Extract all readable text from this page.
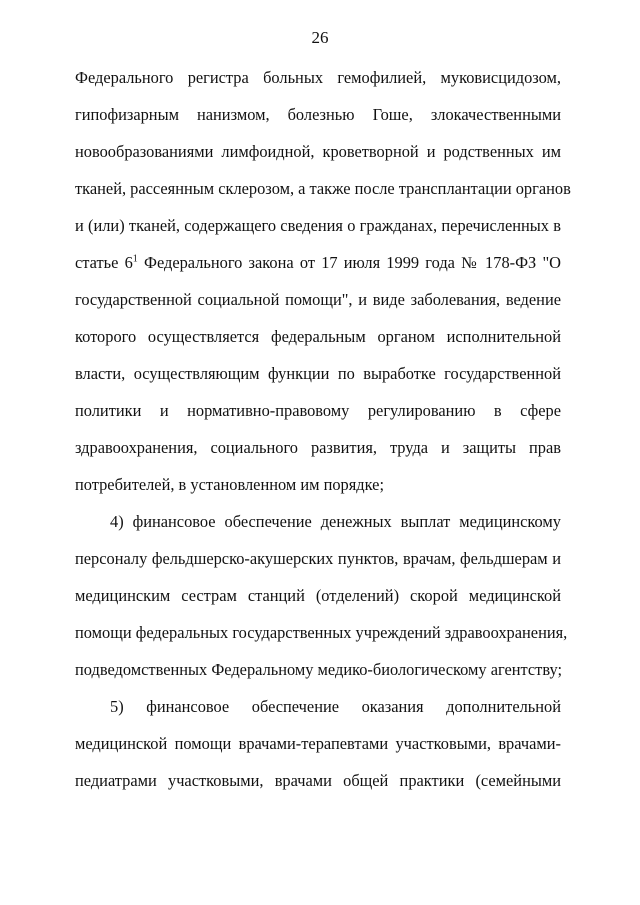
26
Федерального регистра больных гемофилией, муковисцидозом,
гипофизарным нанизмом, болезнью Гоше, злокачественными
новообразованиями лимфоидной, кроветворной и родственных им
тканей, рассеянным склерозом, а также после трансплантации органов
и (или) тканей, содержащего сведения о гражданах, перечисленных в
статье $6^1$ Федерального закона от 17 июля 1999 года № 178-ФЗ "О
государственной социальной помощи", и виде заболевания, ведение
которого осуществляется федеральным органом исполнительной
власти, осуществляющим функции по выработке государственной
политики и нормативно-правовому регулированию в сфере
здравоохранения, социального развития, труда и защиты прав
потребителей, в установленном им порядке;
4) финансовое обеспечение денежных выплат медицинскому
персоналу фельдшерско-акушерских пунктов, врачам, фельдшерам и
медицинским сестрам станций (отделений) скорой медицинской
помощи федеральных государственных учреждений здравоохранения,
подведомственных Федеральному медико-биологическому агентству;
5) финансовое обеспечение оказания дополнительной
медицинской помощи врачами-терапевтами участковыми, врачами-
педиатрами участковыми, врачами общей практики (семейными
